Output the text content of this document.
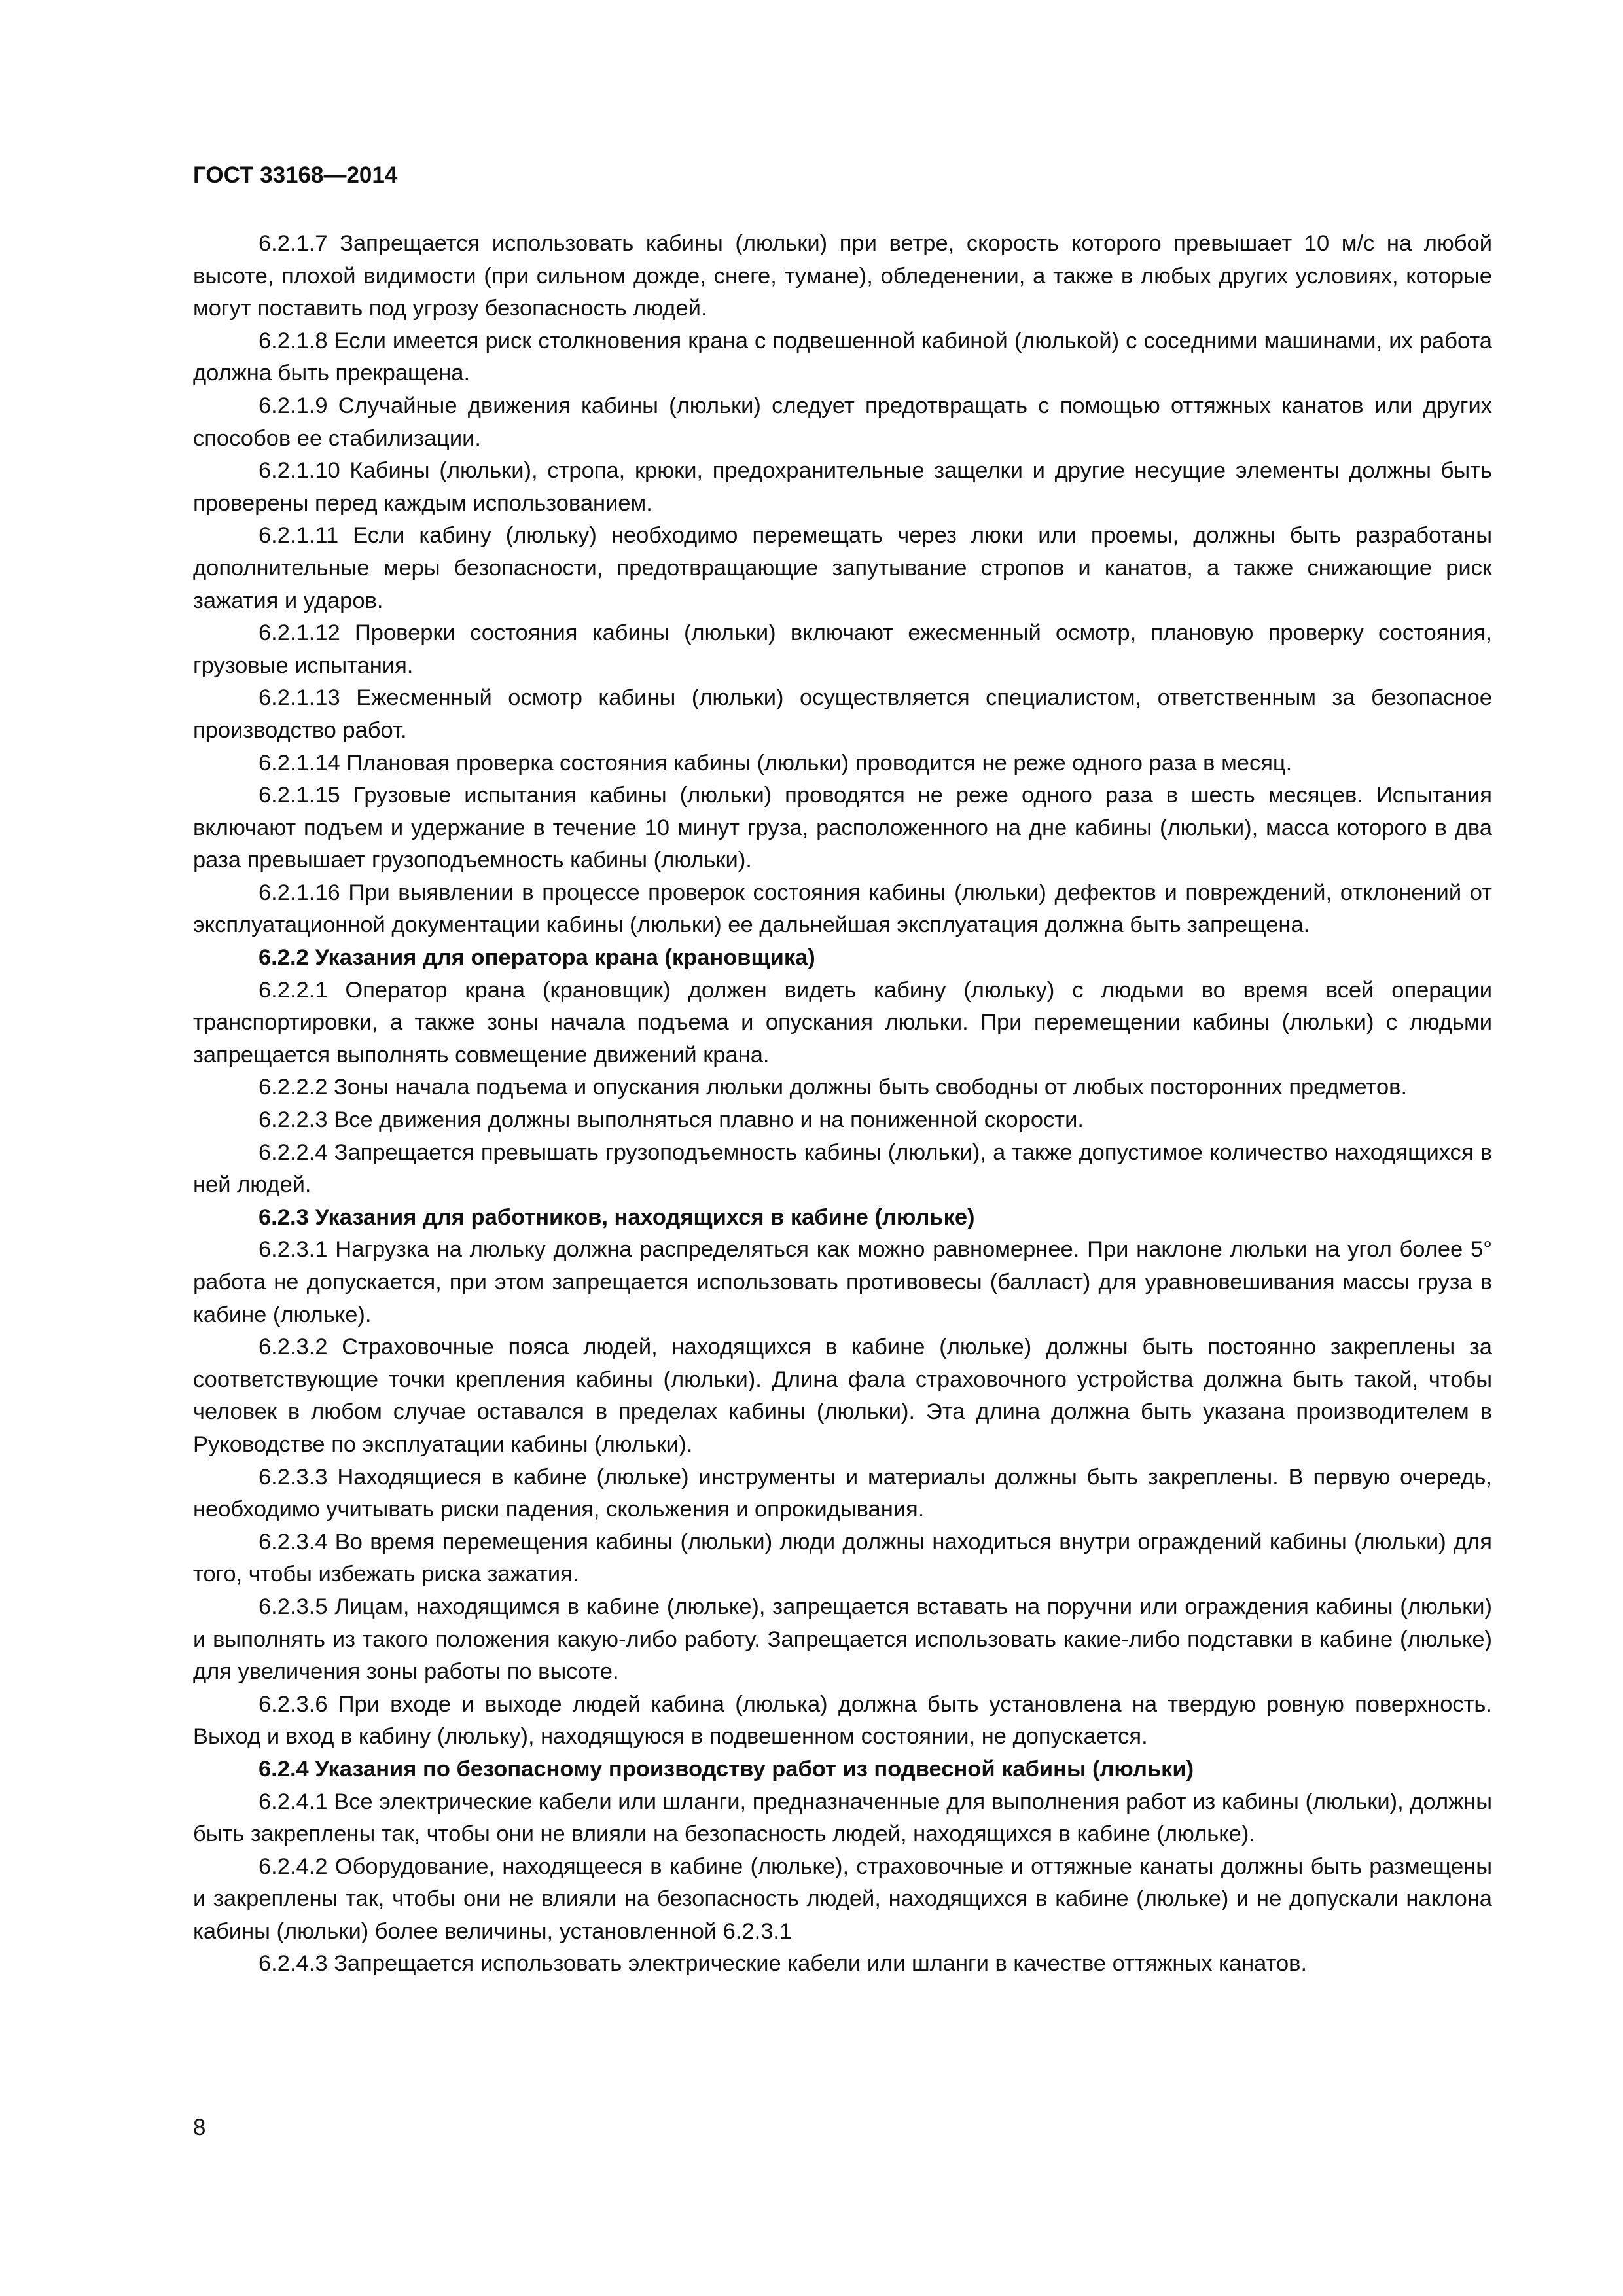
ГОСТ 33168—2014

6.2.1.7 Запрещается использовать кабины (люльки) при ветре, скорость которого превышает 10 м/с на любой высоте, плохой видимости (при сильном дожде, снеге, тумане), обледенении, а также в любых других условиях, которые могут поставить под угрозу безопасность людей.

6.2.1.8 Если имеется риск столкновения крана с подвешенной кабиной (люлькой) с соседними машинами, их работа должна быть прекращена.

6.2.1.9 Случайные движения кабины (люльки) следует предотвращать с помощью оттяжных канатов или других способов ее стабилизации.

6.2.1.10 Кабины (люльки), стропа, крюки, предохранительные защелки и другие несущие элементы должны быть проверены перед каждым использованием.

6.2.1.11 Если кабину (люльку) необходимо перемещать через люки или проемы, должны быть разработаны дополнительные меры безопасности, предотвращающие запутывание стропов и канатов, а также снижающие риск зажатия и ударов.

6.2.1.12 Проверки состояния кабины (люльки) включают ежесменный осмотр, плановую проверку состояния, грузовые испытания.

6.2.1.13 Ежесменный осмотр кабины (люльки) осуществляется специалистом, ответственным за безопасное производство работ.

6.2.1.14 Плановая проверка состояния кабины (люльки) проводится не реже одного раза в месяц.

6.2.1.15 Грузовые испытания кабины (люльки) проводятся не реже одного раза в шесть месяцев. Испытания включают подъем и удержание в течение 10 минут груза, расположенного на дне кабины (люльки), масса которого в два раза превышает грузоподъемность кабины (люльки).

6.2.1.16 При выявлении в процессе проверок состояния кабины (люльки) дефектов и повреждений, отклонений от эксплуатационной документации кабины (люльки) ее дальнейшая эксплуатация должна быть запрещена.

6.2.2 Указания для оператора крана (крановщика)

6.2.2.1 Оператор крана (крановщик) должен видеть кабину (люльку) с людьми во время всей операции транспортировки, а также зоны начала подъема и опускания люльки. При перемещении кабины (люльки) с людьми запрещается выполнять совмещение движений крана.

6.2.2.2 Зоны начала подъема и опускания люльки должны быть свободны от любых посторонних предметов.

6.2.2.3 Все движения должны выполняться плавно и на пониженной скорости.

6.2.2.4 Запрещается превышать грузоподъемность кабины (люльки), а также допустимое количество находящихся в ней людей.

6.2.3 Указания для работников, находящихся в кабине (люльке)

6.2.3.1 Нагрузка на люльку должна распределяться как можно равномернее. При наклоне люльки на угол более 5° работа не допускается, при этом запрещается использовать противовесы (балласт) для уравновешивания массы груза в кабине (люльке).

6.2.3.2 Страховочные пояса людей, находящихся в кабине (люльке) должны быть постоянно закреплены за соответствующие точки крепления кабины (люльки). Длина фала страховочного устройства должна быть такой, чтобы человек в любом случае оставался в пределах кабины (люльки). Эта длина должна быть указана производителем в Руководстве по эксплуатации кабины (люльки).

6.2.3.3 Находящиеся в кабине (люльке) инструменты и материалы должны быть закреплены. В первую очередь, необходимо учитывать риски падения, скольжения и опрокидывания.

6.2.3.4 Во время перемещения кабины (люльки) люди должны находиться внутри ограждений кабины (люльки) для того, чтобы избежать риска зажатия.

6.2.3.5 Лицам, находящимся в кабине (люльке), запрещается вставать на поручни или ограждения кабины (люльки) и выполнять из такого положения какую-либо работу. Запрещается использовать какие-либо подставки в кабине (люльке) для увеличения зоны работы по высоте.

6.2.3.6 При входе и выходе людей кабина (люлька) должна быть установлена на твердую ровную поверхность. Выход и вход в кабину (люльку), находящуюся в подвешенном состоянии, не допускается.

6.2.4 Указания по безопасному производству работ из подвесной кабины (люльки)

6.2.4.1 Все электрические кабели или шланги, предназначенные для выполнения работ из кабины (люльки), должны быть закреплены так, чтобы они не влияли на безопасность людей, находящихся в кабине (люльке).

6.2.4.2 Оборудование, находящееся в кабине (люльке), страховочные и оттяжные канаты должны быть размещены и закреплены так, чтобы они не влияли на безопасность людей, находящихся в кабине (люльке) и не допускали наклона кабины (люльки) более величины, установленной 6.2.3.1

6.2.4.3 Запрещается использовать электрические кабели или шланги в качестве оттяжных канатов.

8
